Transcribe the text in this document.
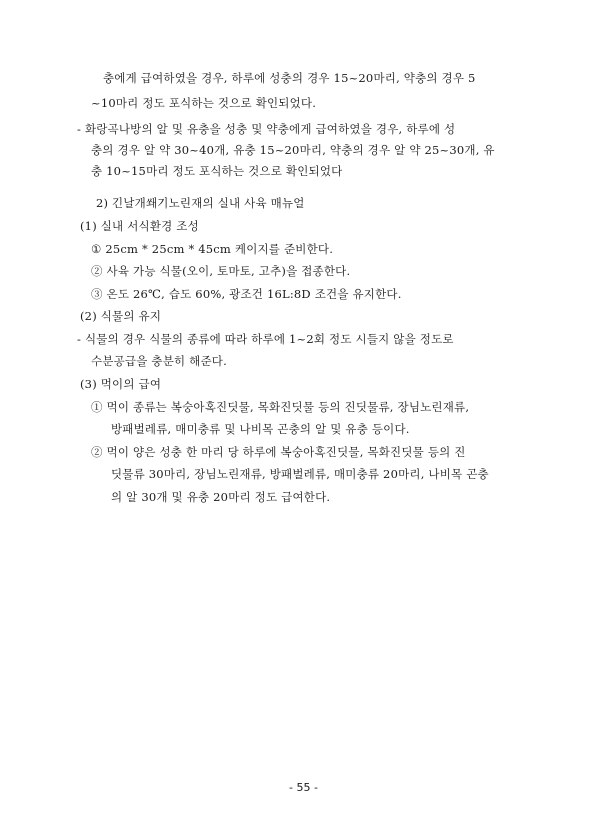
충에게 급여하였을 경우, 하루에 성충의 경우 15~20마리, 약충의 경우 5
~10마리 정도 포식하는 것으로 확인되었다.
- 화랑곡나방의 알 및 유충을 성충 및 약충에게 급여하였을 경우, 하루에 성
충의 경우 알 약 30~40개, 유충 15~20마리, 약충의 경우 알 약 25~30개, 유
충 10~15마리 정도 포식하는 것으로 확인되었다
2) 긴날개쐐기노린재의 실내 사육 매뉴얼
(1) 실내 서식환경 조성
① 25cm * 25cm * 45cm 케이지를 준비한다.
② 사육 가능 식물(오이, 토마토, 고추)을 접종한다.
③ 온도 26℃, 습도 60%, 광조건 16L:8D 조건을 유지한다.
(2) 식물의 유지
- 식물의 경우 식물의 종류에 따라 하루에 1~2회 정도 시들지 않을 정도로
수분공급을 충분히 해준다.
(3) 먹이의 급여
① 먹이 종류는 복숭아혹진딧물, 목화진딧물 등의 진딧물류, 장님노린재류,
방패벌레류, 매미충류 및 나비목 곤충의 알 및 유충 등이다.
② 먹이 양은 성충 한 마리 당 하루에 복숭아혹진딧물, 목화진딧물 등의 진
딧물류 30마리, 장님노린재류, 방패벌레류, 매미충류 20마리, 나비목 곤충
의 알 30개 및 유충 20마리 정도 급여한다.
- 55 -
